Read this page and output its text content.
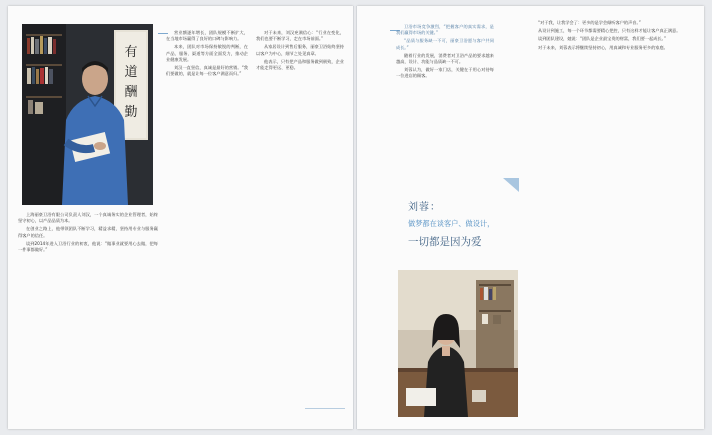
有
道
酬
勤

上海丽豪卫浴有限公司负责人刘汉，一个真诚务实的企业管理者，始终坚守初心，以产品品质为本。

在创业之路上，他带领团队不断学习，精益求精，坚持用专业与服务赢得客户的信任。

谈到2014年进入卫浴行业的初衷，他说：“做事业就要用心去做，把每一件事都做好。”

营业额逐年增长，团队规模不断扩大，在当地市场赢得了良好的口碑与影响力。

本来，团队对市场保持敏锐的判断，在产品、服务、渠道等方面全面发力，推动企业健康发展。

刘汉一直坚信，真诚是最好的营销。“我们要做的，就是让每一位客户满意而归。”

对于未来，刘汉充满信心：“行业在变化，我们也要不断学习，走在市场前面。”

从家居设计到售后服务，丽豪卫浴始终坚持以客户为中心，细节之处见真章。

他表示，只有把产品和服务做到极致，企业才能走得更远、更稳。

卫浴市场竞争激烈，“把握客户的真实需求，是我们赢得市场的关键。”

“品质与服务缺一不可，丽豪卫浴愿与客户共同成长。”

随着行业的发展，消费者对卫浴产品的要求越来越高，设计、功能与品质缺一不可。

刘蓉认为，做好一家门店，关键在于用心对待每一位进店的顾客。

刘蓉：
做梦都在谈客户、做设计，
一切都是因为爱

“对于我，让我学会了：更多的是学会倾听客户的声音。”

从设计到施工，每一个环节都需要精心把控，只有这样才能让客户真正满意。

谈到团队建设，她说：“团队是企业最宝贵的财富，我们要一起成长。”

对于未来，刘蓉表示将继续坚持初心，用真诚和专业服务更多的家庭。
